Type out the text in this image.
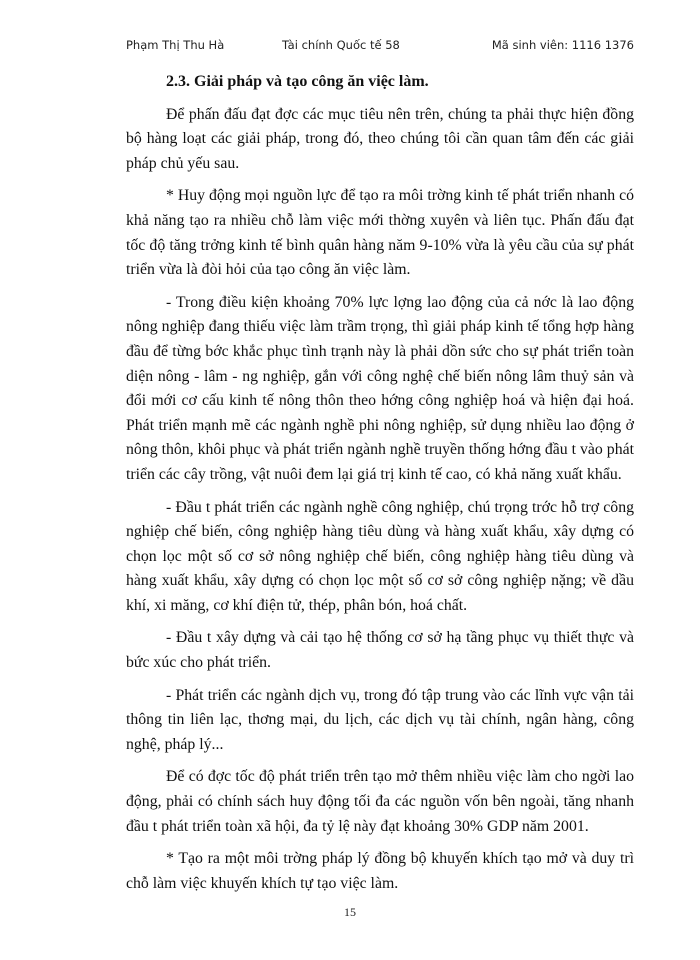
Phạm Thị Thu Hà	Tài chính Quốc tế 58	Mã sinh viên: 1116 1376
2.3. Giải pháp và tạo công ăn việc làm.

Để phấn đấu đạt đợc các mục tiêu nên trên, chúng ta phải thực hiện đồng bộ hàng loạt các giải pháp, trong đó, theo chúng tôi cần quan tâm đến các giải pháp chủ yếu sau.

* Huy động mọi nguồn lực để tạo ra môi trờng kinh tế phát triển nhanh có khả năng tạo ra nhiều chỗ làm việc mới thờng xuyên và liên tục. Phấn đấu đạt tốc độ tăng trởng kinh tế bình quân hàng năm 9-10% vừa là yêu cầu của sự phát triển vừa là đòi hỏi của tạo công ăn việc làm.

- Trong điều kiện khoảng 70% lực lợng lao động của cả nớc là lao động nông nghiệp đang thiếu việc làm trầm trọng, thì giải pháp kinh tế tổng hợp hàng đầu để từng bớc khắc phục tình trạnh này là phải dồn sức cho sự phát triển toàn diện nông - lâm - ng nghiệp, gắn với công nghệ chế biến nông lâm thuỷ sản và đổi mới cơ cấu kinh tế nông thôn theo hớng công nghiệp hoá và hiện đại hoá. Phát triển mạnh mẽ các ngành nghề phi nông nghiệp, sử dụng nhiều lao động ở nông thôn, khôi phục và phát triển ngành nghề truyền thống hớng đầu t vào phát triển các cây trồng, vật nuôi đem lại giá trị kinh tế cao, có khả năng xuất khẩu.

- Đầu t phát triển các ngành nghề công nghiệp, chú trọng trớc hỗ trợ công nghiệp chế biến, công nghiệp hàng tiêu dùng và hàng xuất khẩu, xây dựng có chọn lọc một số cơ sở nông nghiệp chế biến, công nghiệp hàng tiêu dùng và hàng xuất khẩu, xây dựng có chọn lọc một số cơ sở công nghiệp nặng; về dầu khí, xi măng, cơ khí điện tử, thép, phân bón, hoá chất.

- Đầu t xây dựng và cải tạo hệ thống cơ sở hạ tầng phục vụ thiết thực và bức xúc cho phát triển.

- Phát triển các ngành dịch vụ, trong đó tập trung vào các lĩnh vực vận tải thông tin liên lạc, thơng mại, du lịch, các dịch vụ tài chính, ngân hàng, công nghệ, pháp lý...

Để có đợc tốc độ phát triển trên tạo mở thêm nhiều việc làm cho ngời lao động, phải có chính sách huy động tối đa các nguồn vốn bên ngoài, tăng nhanh đầu t phát triển toàn xã hội, đa tỷ lệ này đạt khoảng 30% GDP năm 2001.

* Tạo ra một môi trờng pháp lý đồng bộ khuyến khích tạo mở và duy trì chỗ làm việc khuyến khích tự tạo việc làm.

15
